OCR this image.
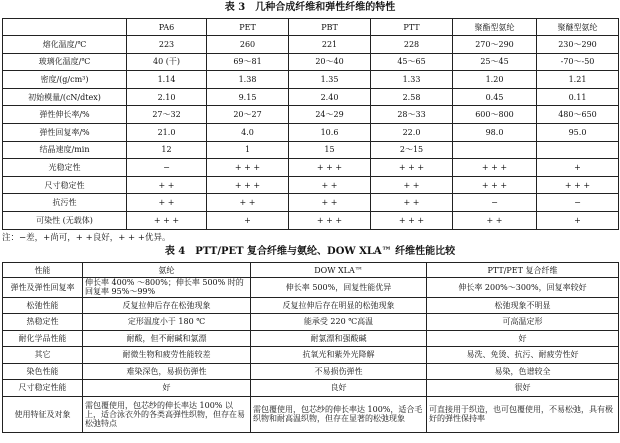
表 3　几种合成纤维和弹性纤维的特性
	PA6	PET	PBT	PTT	聚酯型氨纶	聚醚型氨纶
熔化温度/℃	223	260	221	228	270～290	230～290
玻璃化温度/℃	40 (干)	69～81	20～40	45～65	25～45	-70～-50
密度/(g/cm³)	1.14	1.38	1.35	1.33	1.20	1.21
初始模量/(cN/dtex)	2.10	9.15	2.40	2.58	0.45	0.11
弹性伸长率/%	27～32	20～27	24～29	28～33	600～800	480～650
弹性回复率/%	21.0	4.0	10.6	22.0	98.0	95.0
结晶速度/min	12	1	15	2～15		
光稳定性	−	+ + +	+ + +	+ + +	+ + +	+
尺寸稳定性	+ +	+ + +	+ +	+ +	+ + +	+ + +
抗污性	+ +	+ +	+ +	+ +	−	−
可染性 (无载体)	+ + +	+	+ + +	+ + +	+ +	+
注：−差，+尚可，+ +良好，+ + +优异。
表 4　PTT/PET 复合纤维与氨纶、DOW XLA™ 纤维性能比较
性能	氨纶	DOW XLA™	PTT/PET 复合纤维
弹性及弹性回复率	伸长率 400% ～800%；伸长率 500% 时的回复率 95%～99%	伸长率 500%，回复性能优异	伸长率 200%～300%，回复率较好
松弛性能	反复拉伸后存在松弛现象	反复拉伸后存在明显的松弛现象	松弛现象不明显
热稳定性	定形温度小于 180 ℃	能承受 220 ℃高温	可高温定形
耐化学品性能	耐酸，但不耐碱和氯漂	耐氯漂和强酸碱	好
其它	耐微生物和疲劳性能较差	抗氧光和紫外光降解	易洗、免烫、抗污、耐疲劳性好
染色性能	难染深色，易损伤弹性	不易损伤弹性	易染，色谱较全
尺寸稳定性能	好	良好	很好
使用特征及对象	需包覆使用，包芯纱的伸长率达 100% 以上，适合泳衣外的各类高弹性织物，但存在易松弛特点	需包覆使用，包芯纱的伸长率达 100%，适合毛织物和耐高温织物，但存在显著的松弛现象	可直接用于织造，也可包覆使用，不易松弛，具有极好的弹性保持率
